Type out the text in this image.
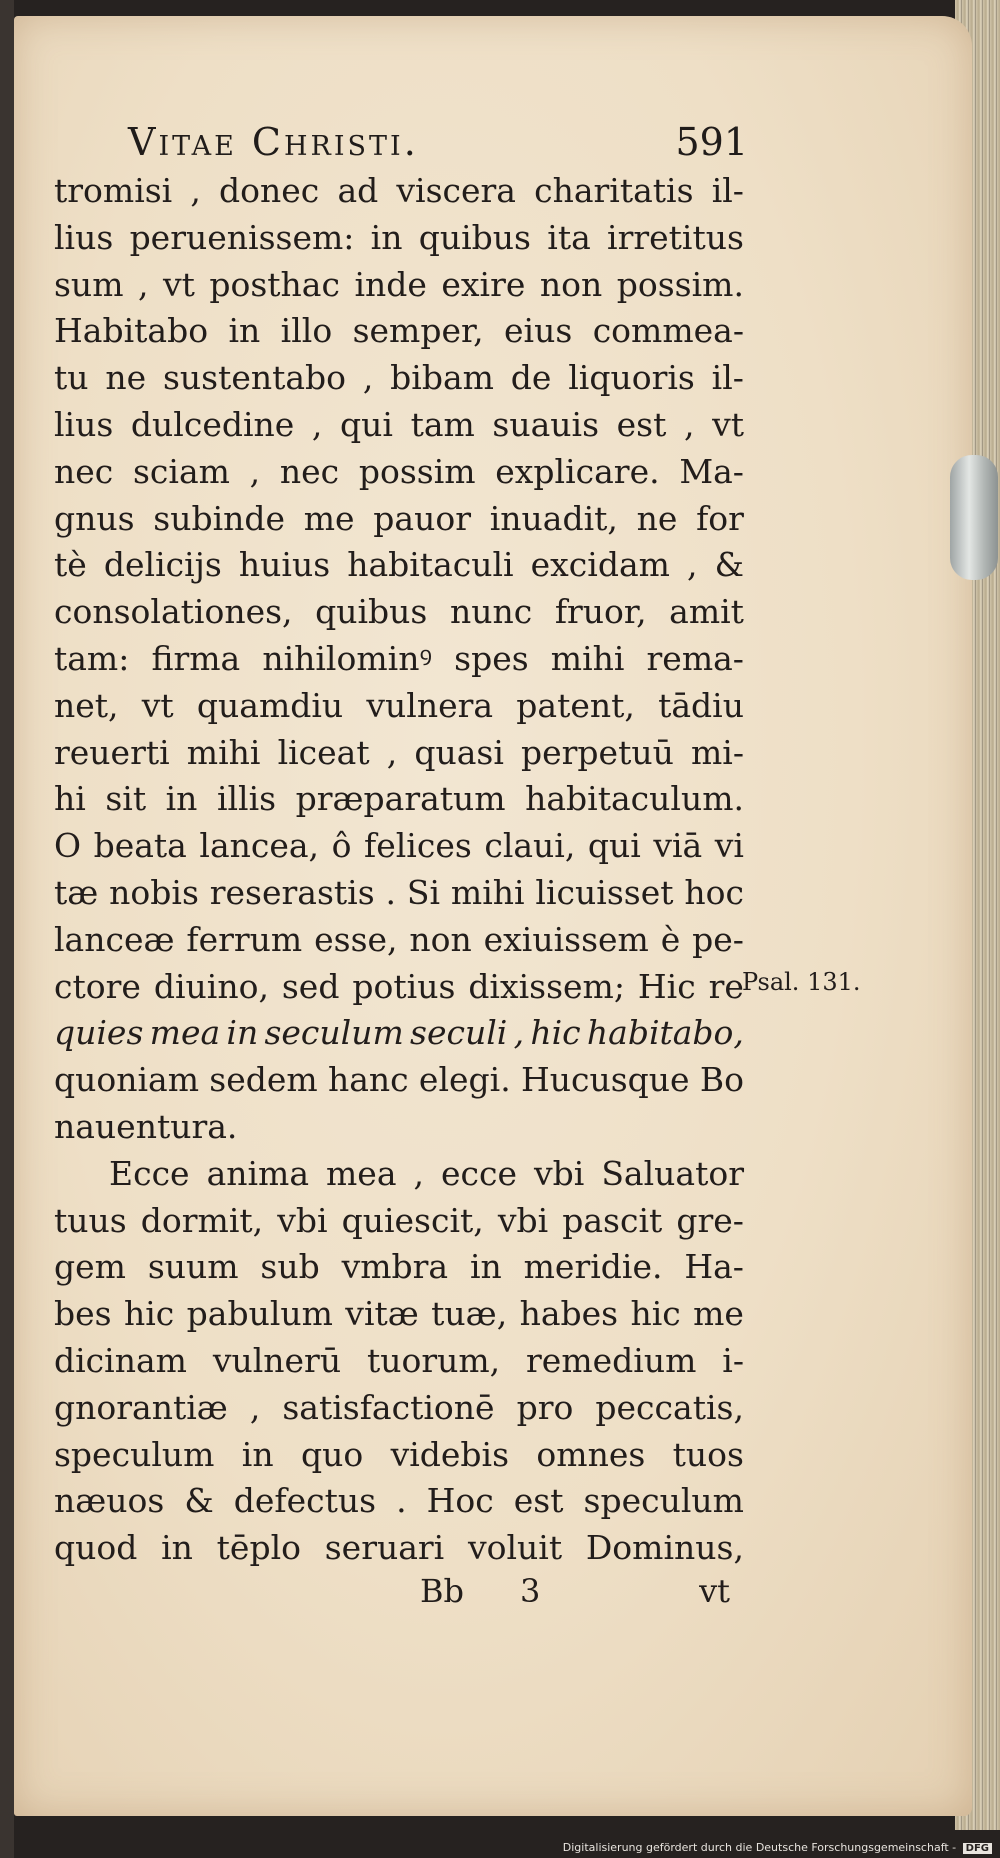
Vitae Christi.	591
tromisi , donec ad viscera charitatis il-
lius peruenissem: in quibus ita irretitus
sum , vt posthac inde exire non possim.
Habitabo in illo semper, eius commea-
tu ne sustentabo , bibam de liquoris il-
lius dulcedine , qui tam suauis est , vt
nec sciam , nec possim explicare. Ma-
gnus subinde me pauor inuadit, ne for
tè delicijs huius habitaculi excidam , &
consolationes, quibus nunc fruor, amit
tam: firma nihilominꝰ spes mihi rema-
net, vt quamdiu vulnera patent, tādiu
reuerti mihi liceat , quasi perpetuū mi-
hi sit in illis præparatum habitaculum.
O beata lancea, ô felices claui, qui viā vi
tæ nobis reserastis . Si mihi licuisset hoc
lanceæ ferrum esse, non exiuissem è pe-
ctore diuino, sed potius dixissem; Hic re
quies mea in seculum seculi , hic habitabo,
quoniam sedem hanc elegi. Hucusque Bo
nauentura.
Ecce anima mea , ecce vbi Saluator
tuus dormit, vbi quiescit, vbi pascit gre-
gem suum sub vmbra in meridie. Ha-
bes hic pabulum vitæ tuæ, habes hic me
dicinam vulnerū tuorum, remedium i-
gnorantiæ , satisfactionē pro peccatis,
speculum in quo videbis omnes tuos
næuos & defectus . Hoc est speculum
quod in tēplo seruari voluit Dominus,
Psal. 131.
Bb 3	vt
Digitalisierung gefördert durch die Deutsche Forschungsgemeinschaft - DFG
